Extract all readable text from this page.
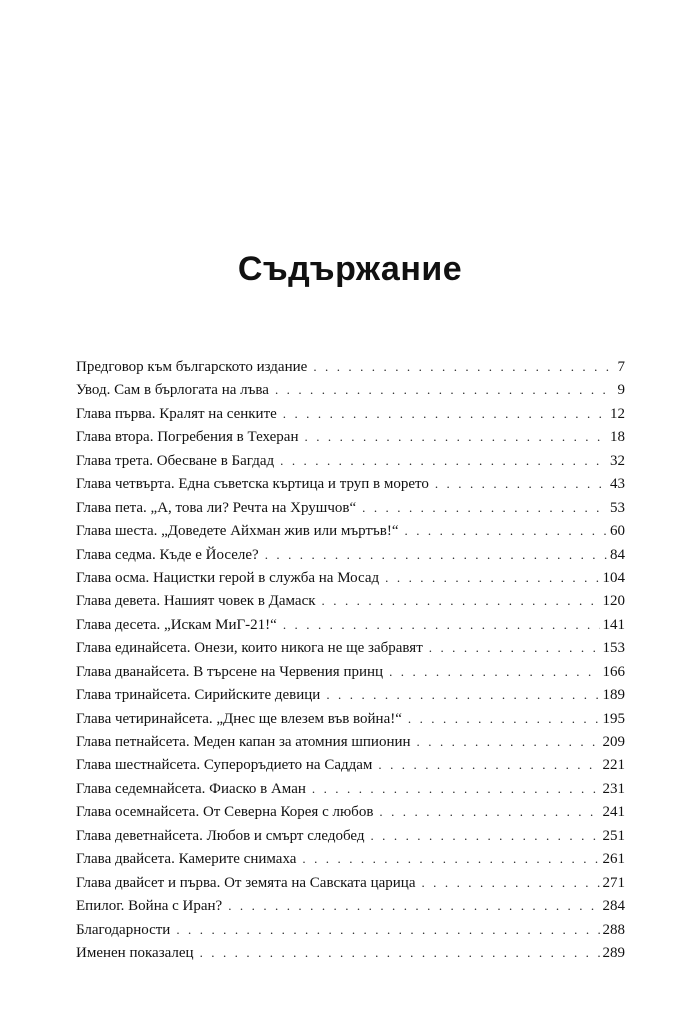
Съдържание
Предговор към българското издание . . .	7
Увод. Сам в бърлогата на лъва . . .	9
Глава първа. Кралят на сенките . . .	12
Глава втора. Погребения в Техеран . . .	18
Глава трета. Обесване в Багдад . . .	32
Глава четвърта. Една съветска къртица и труп в морето . . .	43
Глава пета. „А, това ли? Речта на Хрушчов“ . . .	53
Глава шеста. „Доведете Айхман жив или мъртъв!“ . . .	60
Глава седма. Къде е Йоселе? . . .	84
Глава осма. Нацистки герой в служба на Мосад . . .	104
Глава девета. Нашият човек в Дамаск . . .	120
Глава десета. „Искам МиГ-21!“ . . .	141
Глава единайсета. Онези, които никога не ще забравят . . .	153
Глава дванайсета. В търсене на Червения принц . . .	166
Глава тринайсета. Сирийските девици . . .	189
Глава четиринайсета. „Днес ще влезем във война!“ . . .	195
Глава петнайсета. Меден капан за атомния шпионин . . .	209
Глава шестнайсета. Супероръдието на Саддам . . .	221
Глава седемнайсета. Фиаско в Аман . . .	231
Глава осемнайсета. От Северна Корея с любов . . .	241
Глава деветнайсета. Любов и смърт следобед . . .	251
Глава двайсета. Камерите снимаха . . .	261
Глава двайсет и първа. От земята на Савската царица . . .	271
Епилог. Война с Иран? . . .	284
Благодарности . . .	288
Именен показалец . . .	289
